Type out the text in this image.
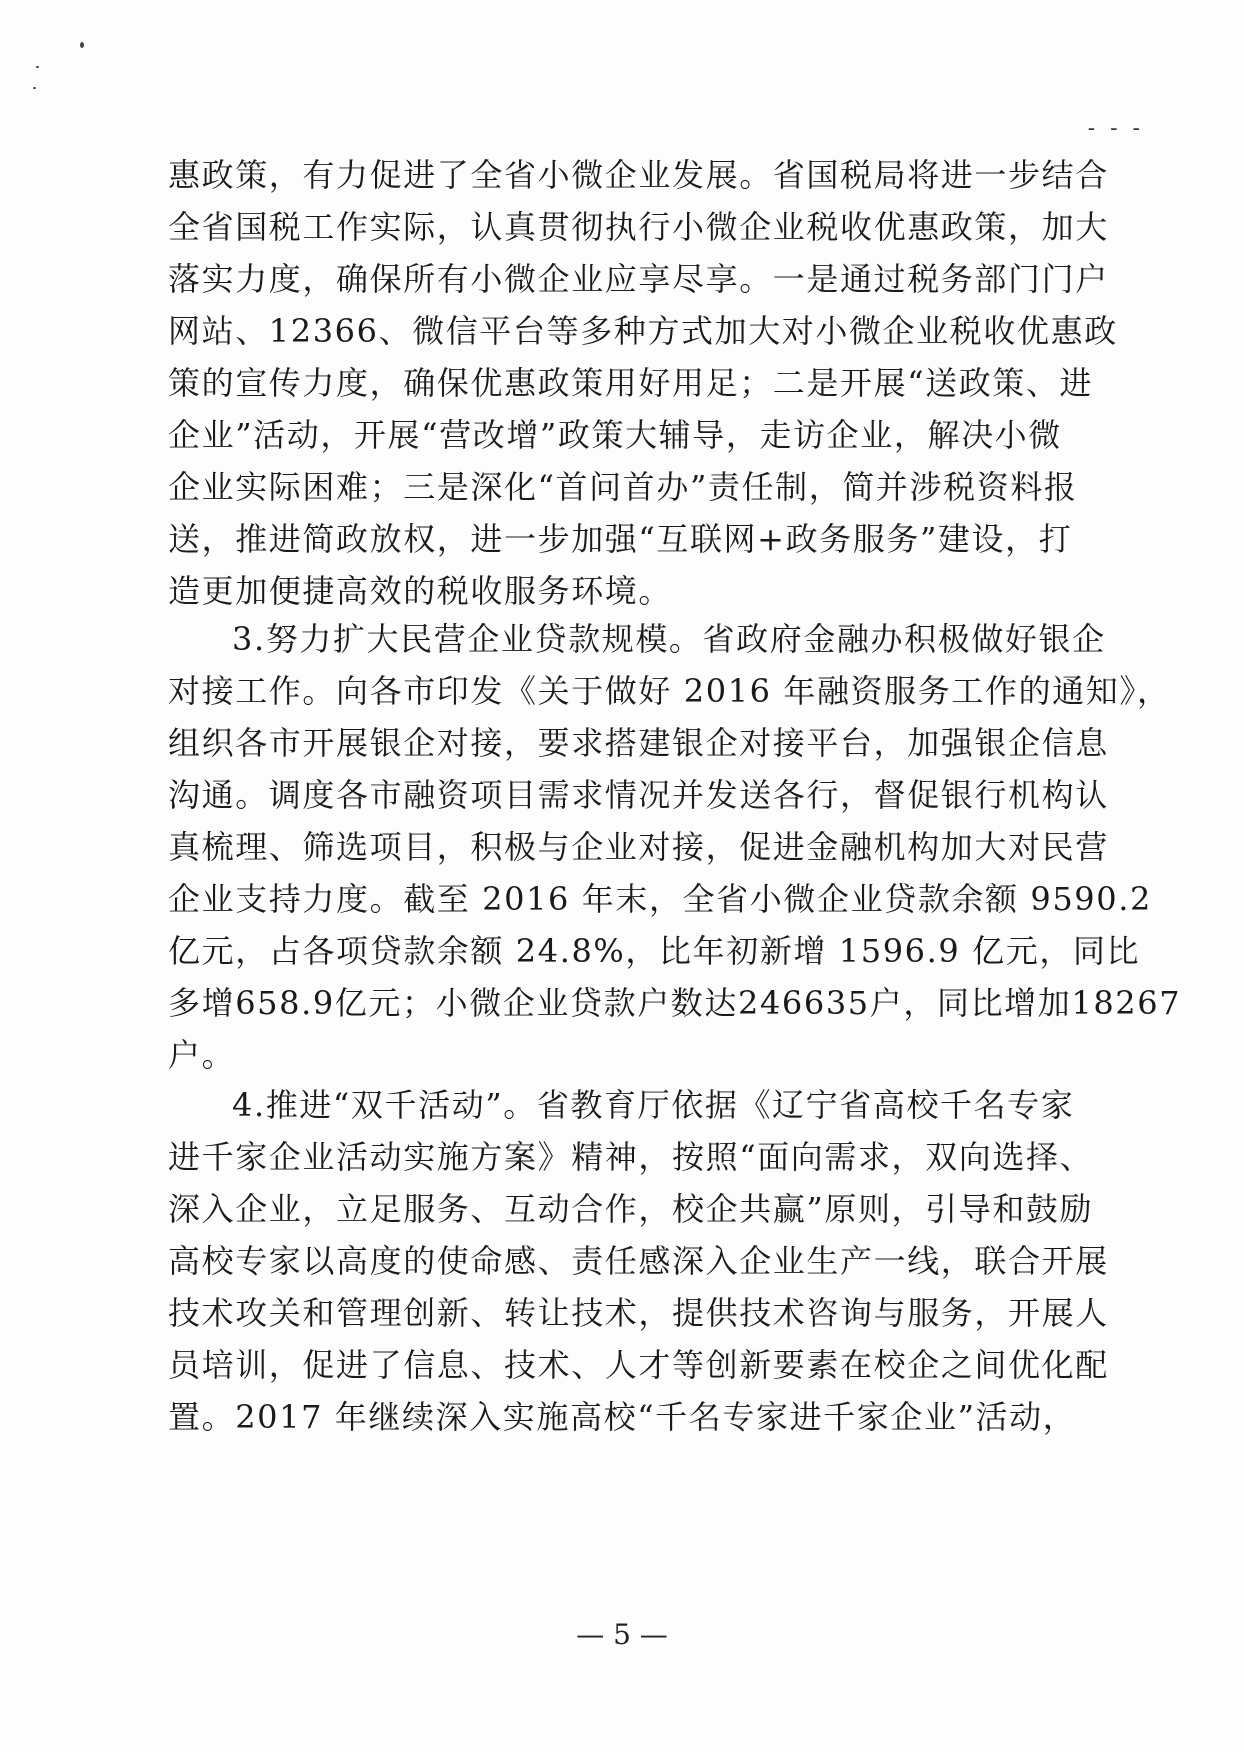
- - -
惠政策，有力促进了全省小微企业发展。省国税局将进一步结合
全省国税工作实际，认真贯彻执行小微企业税收优惠政策，加大
落实力度，确保所有小微企业应享尽享。一是通过税务部门门户
网站、12366、微信平台等多种方式加大对小微企业税收优惠政
策的宣传力度，确保优惠政策用好用足；二是开展“送政策、进
企业”活动，开展“营改增”政策大辅导，走访企业，解决小微
企业实际困难；三是深化“首问首办”责任制，简并涉税资料报
送，推进简政放权，进一步加强“互联网+政务服务”建设，打
造更加便捷高效的税收服务环境。
3.努力扩大民营企业贷款规模。省政府金融办积极做好银企
对接工作。向各市印发《关于做好 2016 年融资服务工作的通知》，
组织各市开展银企对接，要求搭建银企对接平台，加强银企信息
沟通。调度各市融资项目需求情况并发送各行，督促银行机构认
真梳理、筛选项目，积极与企业对接，促进金融机构加大对民营
企业支持力度。截至 2016 年末，全省小微企业贷款余额 9590.2
亿元，占各项贷款余额 24.8%，比年初新增 1596.9 亿元，同比
多增658.9亿元；小微企业贷款户数达246635户，同比增加18267
户。
4.推进“双千活动”。省教育厅依据《辽宁省高校千名专家
进千家企业活动实施方案》精神，按照“面向需求，双向选择、
深入企业，立足服务、互动合作，校企共赢”原则，引导和鼓励
高校专家以高度的使命感、责任感深入企业生产一线，联合开展
技术攻关和管理创新、转让技术，提供技术咨询与服务，开展人
员培训，促进了信息、技术、人才等创新要素在校企之间优化配
置。2017 年继续深入实施高校“千名专家进千家企业”活动，
— 5 —
